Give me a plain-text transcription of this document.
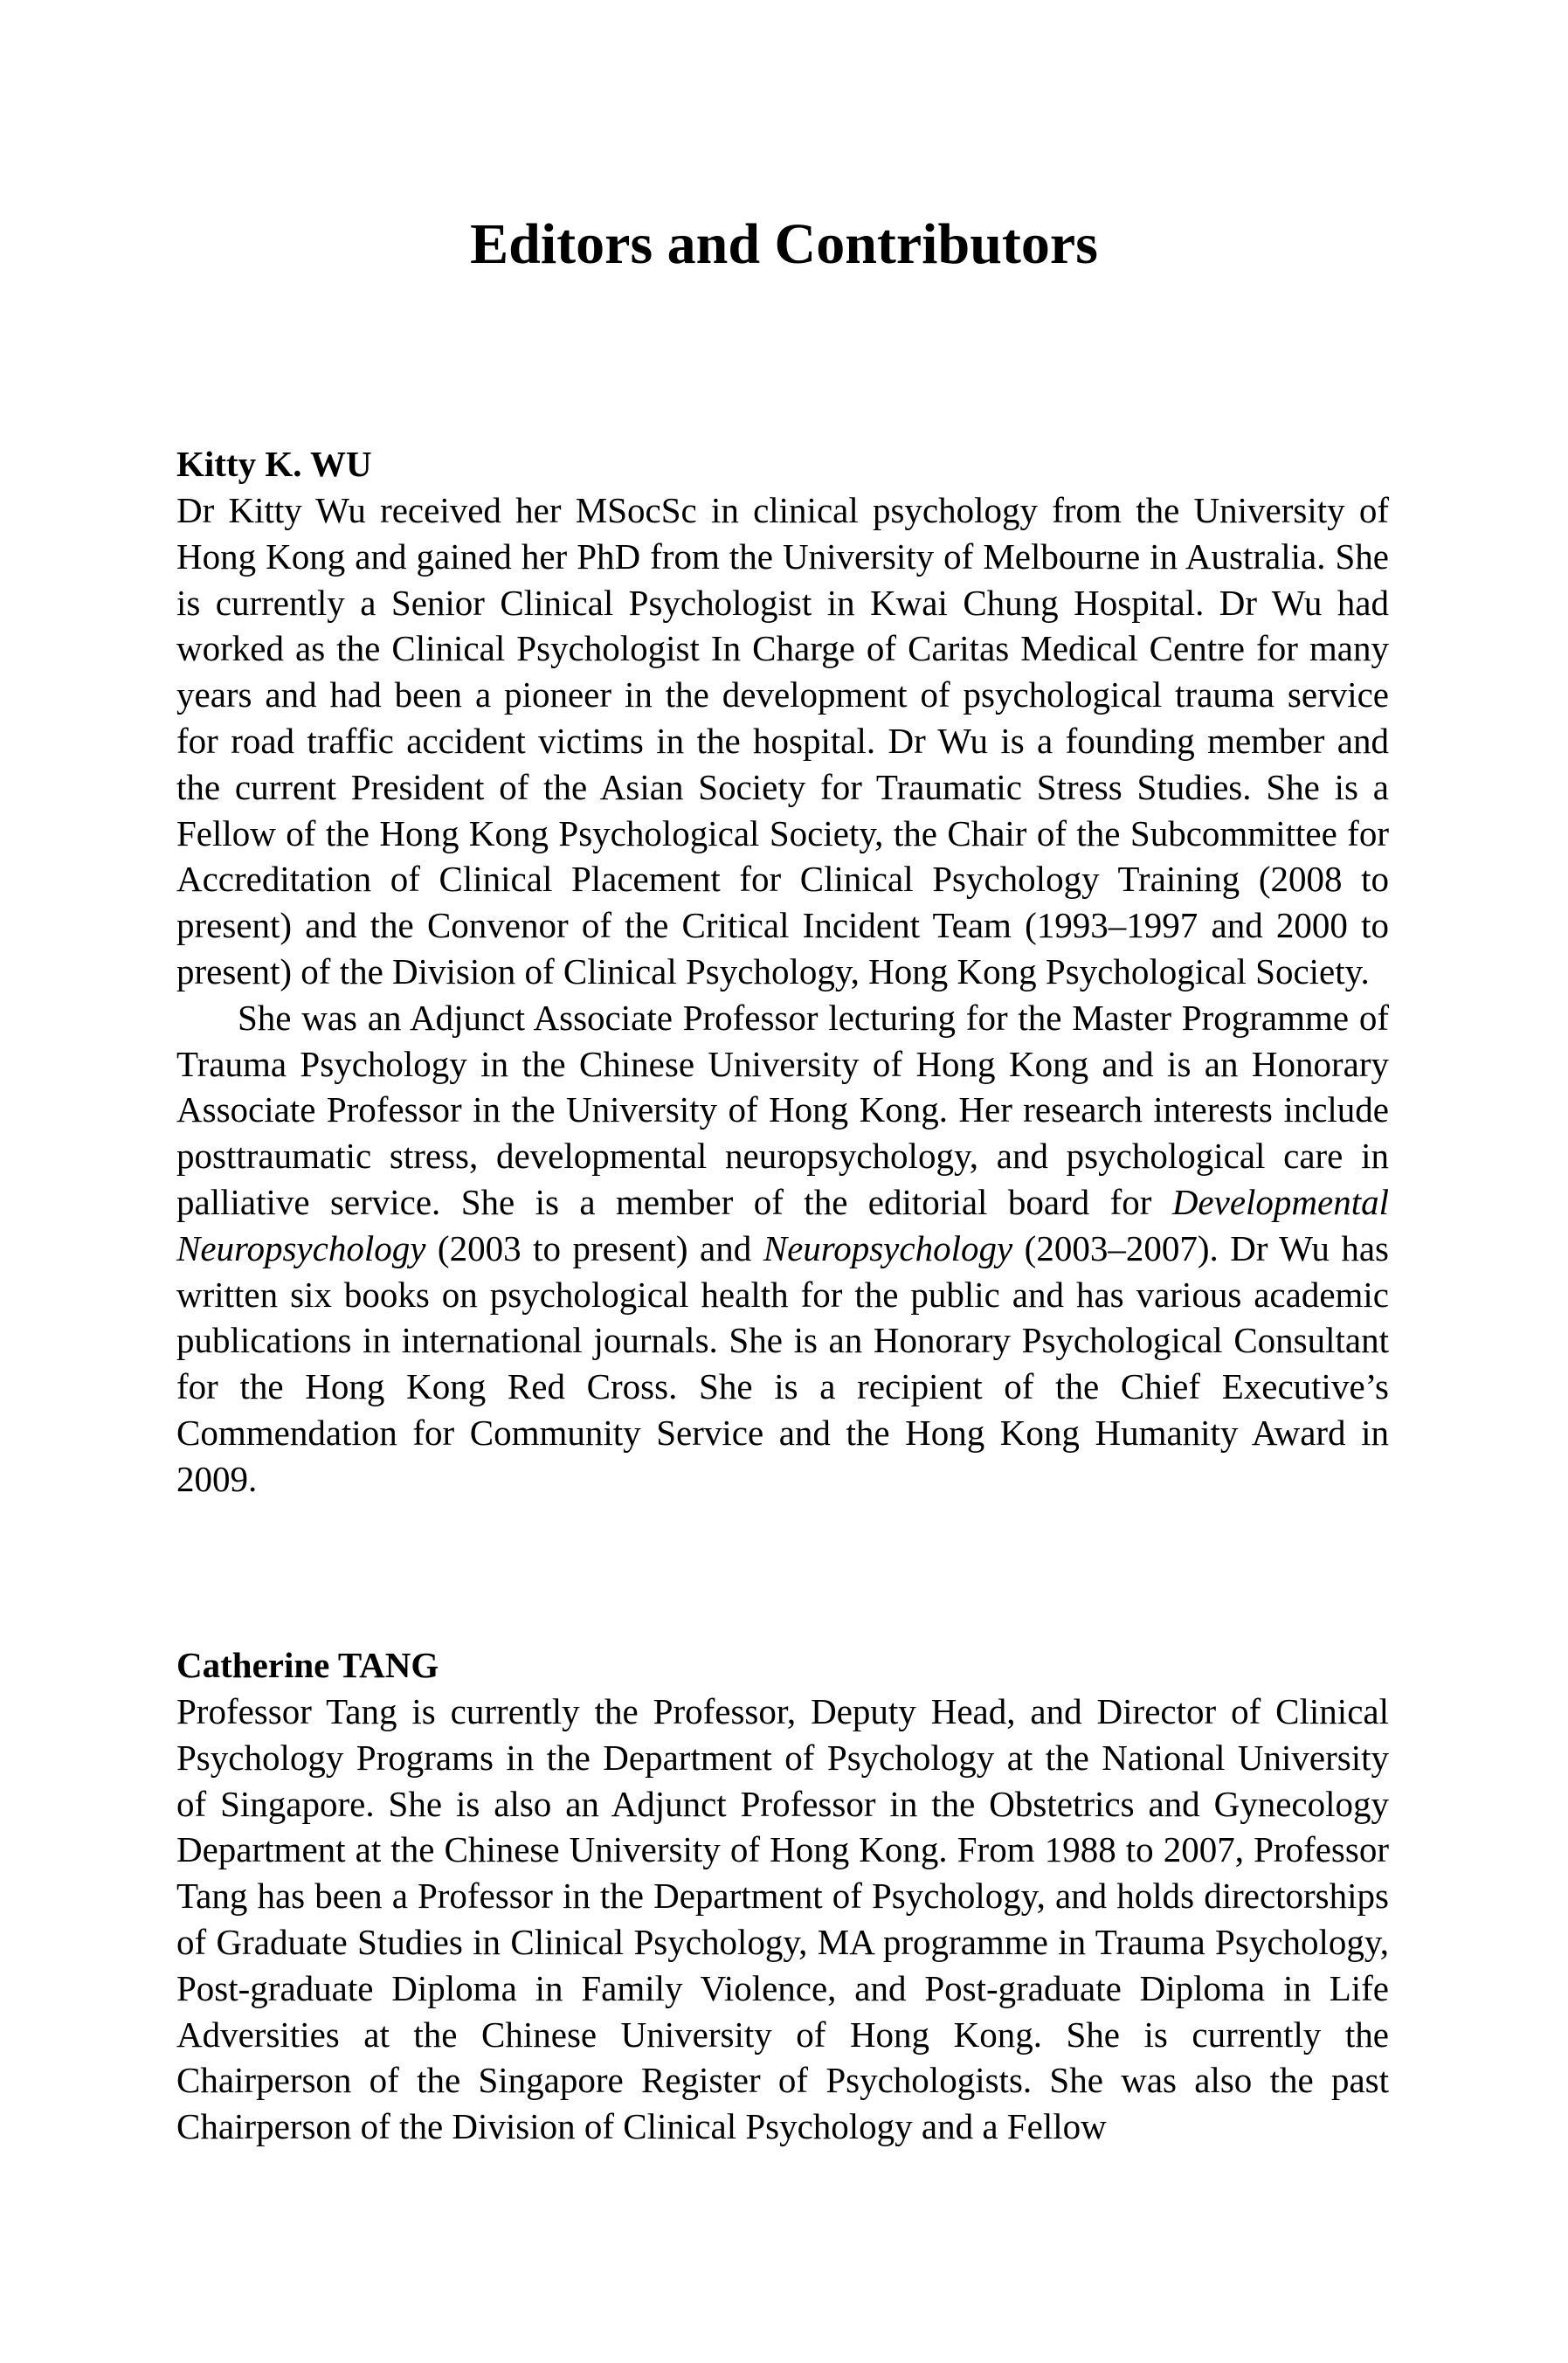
Editors and Contributors

Kitty K. WU

Dr Kitty Wu received her MSocSc in clinical psychology from the University of Hong Kong and gained her PhD from the University of Melbourne in Australia. She is currently a Senior Clinical Psychologist in Kwai Chung Hospital. Dr Wu had worked as the Clinical Psychologist In Charge of Caritas Medical Centre for many years and had been a pioneer in the development of psychological trauma service for road traffic accident victims in the hospital. Dr Wu is a founding member and the current President of the Asian Society for Traumatic Stress Studies. She is a Fellow of the Hong Kong Psychological Society, the Chair of the Subcommittee for Accreditation of Clinical Placement for Clinical Psychology Training (2008 to present) and the Convenor of the Critical Incident Team (1993–1997 and 2000 to present) of the Division of Clinical Psychology, Hong Kong Psychological Society.

She was an Adjunct Associate Professor lecturing for the Master Programme of Trauma Psychology in the Chinese University of Hong Kong and is an Honorary Associate Professor in the University of Hong Kong. Her research interests include posttraumatic stress, developmental neuropsychology, and psychological care in palliative service. She is a member of the editorial board for Developmental Neuropsychology (2003 to present) and Neuropsychology (2003–2007). Dr Wu has written six books on psychological health for the public and has various academic publications in international journals. She is an Honorary Psychological Consultant for the Hong Kong Red Cross. She is a recipient of the Chief Executive’s Commendation for Community Service and the Hong Kong Humanity Award in 2009.

Catherine TANG

Professor Tang is currently the Professor, Deputy Head, and Director of Clinical Psychology Programs in the Department of Psychology at the National University of Singapore. She is also an Adjunct Professor in the Obstetrics and Gynecology Department at the Chinese University of Hong Kong. From 1988 to 2007, Professor Tang has been a Professor in the Department of Psychology, and holds directorships of Graduate Studies in Clinical Psychology, MA programme in Trauma Psychology, Post-graduate Diploma in Family Violence, and Post-graduate Diploma in Life Adversities at the Chinese University of Hong Kong. She is currently the Chairperson of the Singapore Register of Psychologists. She was also the past Chairperson of the Division of Clinical Psychology and a Fellow
